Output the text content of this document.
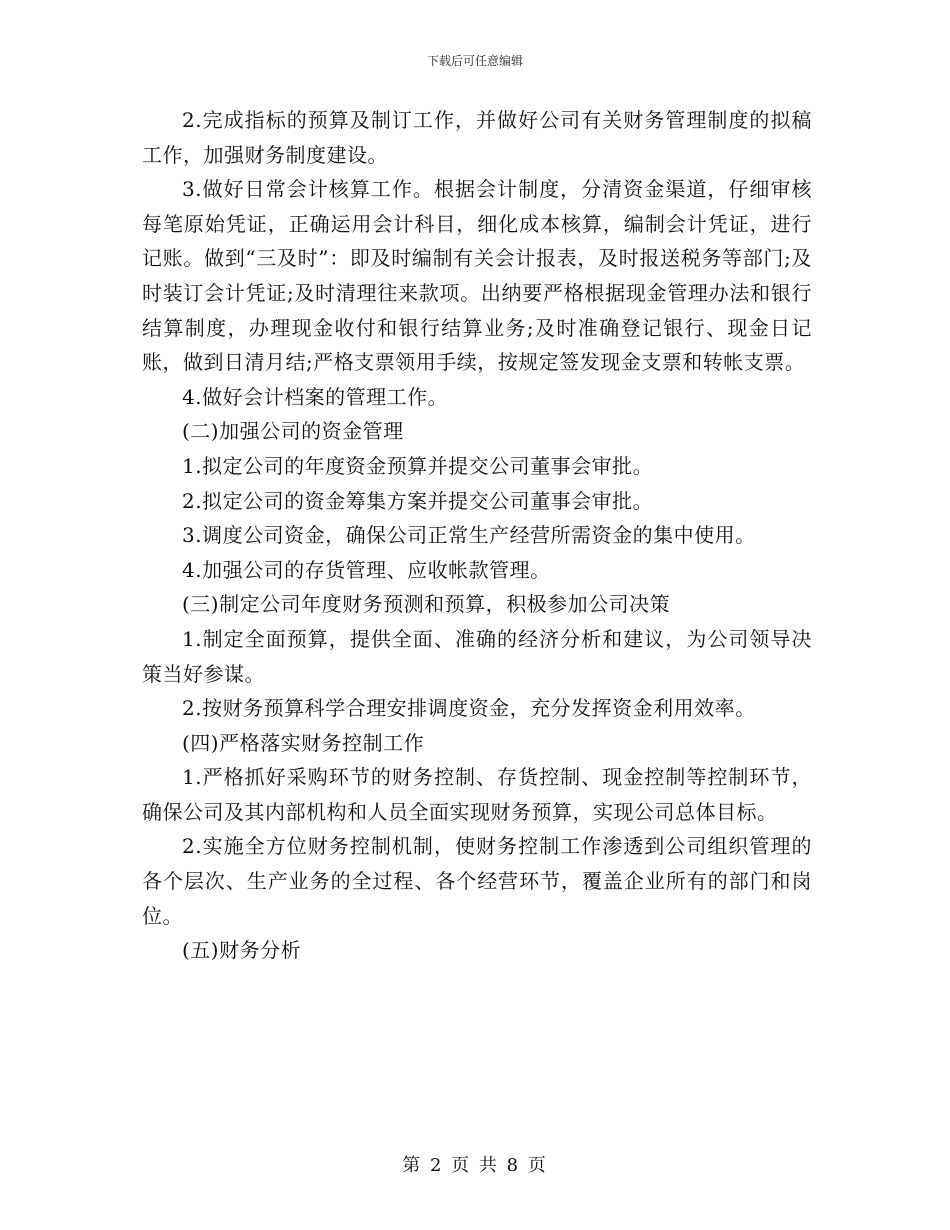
下载后可任意编辑

2.完成指标的预算及制订工作，并做好公司有关财务管理制度的拟稿工作，加强财务制度建设。

3.做好日常会计核算工作。根据会计制度，分清资金渠道，仔细审核每笔原始凭证，正确运用会计科目，细化成本核算，编制会计凭证，进行记账。做到“三及时”：即及时编制有关会计报表，及时报送税务等部门;及时装订会计凭证;及时清理往来款项。出纳要严格根据现金管理办法和银行结算制度，办理现金收付和银行结算业务;及时准确登记银行、现金日记账，做到日清月结;严格支票领用手续，按规定签发现金支票和转帐支票。

4.做好会计档案的管理工作。

(二)加强公司的资金管理

1.拟定公司的年度资金预算并提交公司董事会审批。

2.拟定公司的资金筹集方案并提交公司董事会审批。

3.调度公司资金，确保公司正常生产经营所需资金的集中使用。

4.加强公司的存货管理、应收帐款管理。

(三)制定公司年度财务预测和预算，积极参加公司决策

1.制定全面预算，提供全面、准确的经济分析和建议，为公司领导决策当好参谋。

2.按财务预算科学合理安排调度资金，充分发挥资金利用效率。

(四)严格落实财务控制工作

1.严格抓好采购环节的财务控制、存货控制、现金控制等控制环节，确保公司及其内部机构和人员全面实现财务预算，实现公司总体目标。

2.实施全方位财务控制机制，使财务控制工作渗透到公司组织管理的各个层次、生产业务的全过程、各个经营环节，覆盖企业所有的部门和岗位。

(五)财务分析

第 2 页 共 8 页
